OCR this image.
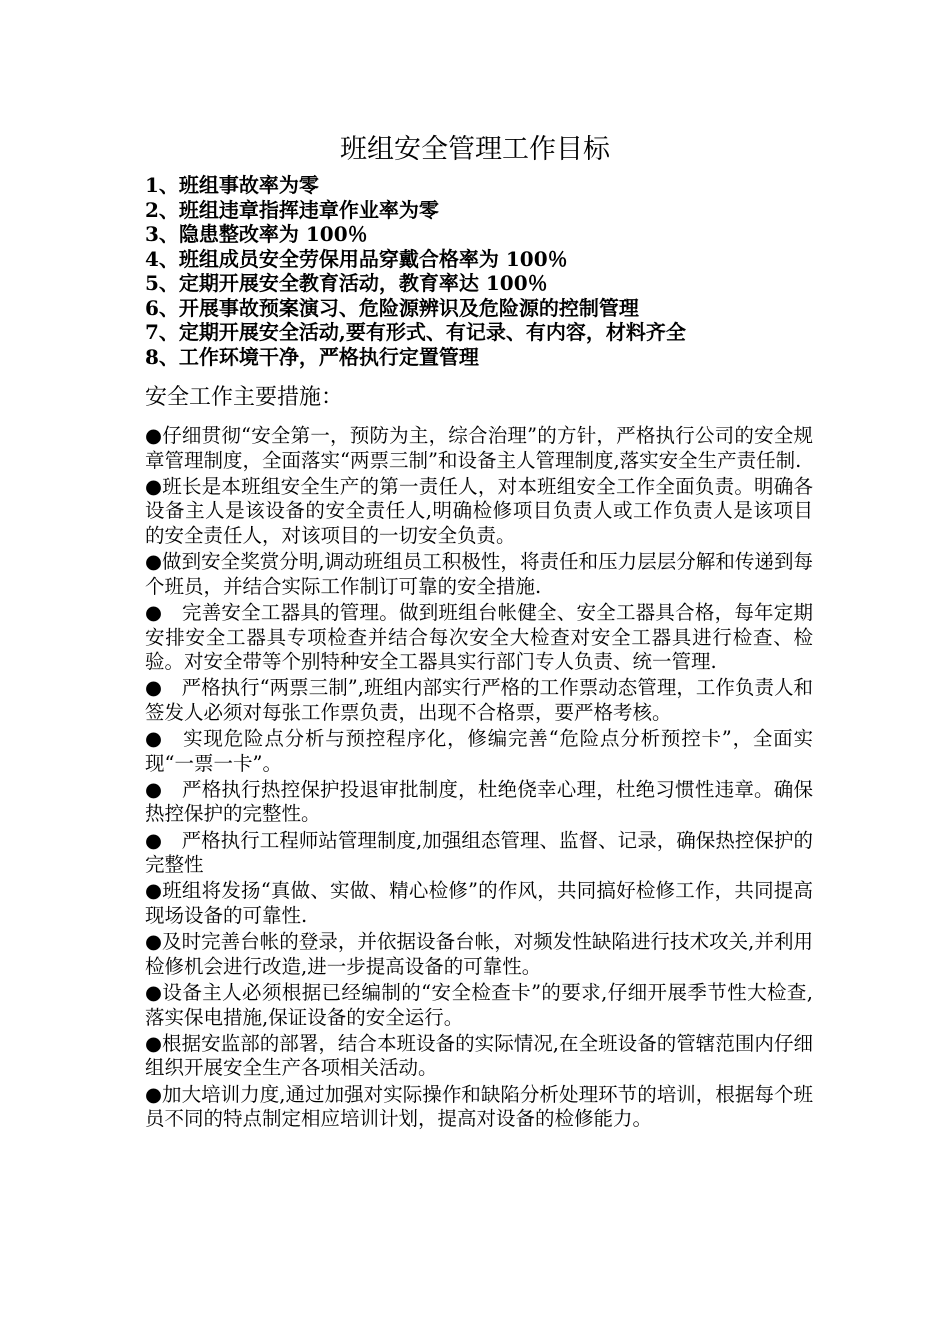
班组安全管理工作目标
1、班组事故率为零
2、班组违章指挥违章作业率为零
3、隐患整改率为 100％
4、班组成员安全劳保用品穿戴合格率为 100％
5、定期开展安全教育活动，教育率达 100％
6、开展事故预案演习、危险源辨识及危险源的控制管理
7、定期开展安全活动,要有形式、有记录、有内容，材料齐全
8、工作环境干净，严格执行定置管理
安全工作主要措施：
●仔细贯彻“安全第一，预防为主，综合治理”的方针，严格执行公司的安全规章管理制度，全面落实“两票三制”和设备主人管理制度,落实安全生产责任制.
●班长是本班组安全生产的第一责任人，对本班组安全工作全面负责。明确各设备主人是该设备的安全责任人,明确检修项目负责人或工作负责人是该项目的安全责任人，对该项目的一切安全负责。
●做到安全奖赏分明,调动班组员工积极性，将责任和压力层层分解和传递到每个班员，并结合实际工作制订可靠的安全措施.
●　完善安全工器具的管理。做到班组台帐健全、安全工器具合格，每年定期安排安全工器具专项检查并结合每次安全大检查对安全工器具进行检查、检验。对安全带等个别特种安全工器具实行部门专人负责、统一管理.
●　严格执行“两票三制”,班组内部实行严格的工作票动态管理，工作负责人和签发人必须对每张工作票负责，出现不合格票，要严格考核。
●　实现危险点分析与预控程序化，修编完善“危险点分析预控卡”，全面实现“一票一卡”。
●　严格执行热控保护投退审批制度，杜绝侥幸心理，杜绝习惯性违章。确保热控保护的完整性。
●　严格执行工程师站管理制度,加强组态管理、监督、记录，确保热控保护的完整性
●班组将发扬“真做、实做、精心检修”的作风，共同搞好检修工作，共同提高现场设备的可靠性.
●及时完善台帐的登录，并依据设备台帐，对频发性缺陷进行技术攻关,并利用检修机会进行改造,进一步提高设备的可靠性。
●设备主人必须根据已经编制的“安全检查卡”的要求,仔细开展季节性大检查,落实保电措施,保证设备的安全运行。
●根据安监部的部署，结合本班设备的实际情况,在全班设备的管辖范围内仔细组织开展安全生产各项相关活动。
●加大培训力度,通过加强对实际操作和缺陷分析处理环节的培训，根据每个班员不同的特点制定相应培训计划，提高对设备的检修能力。
